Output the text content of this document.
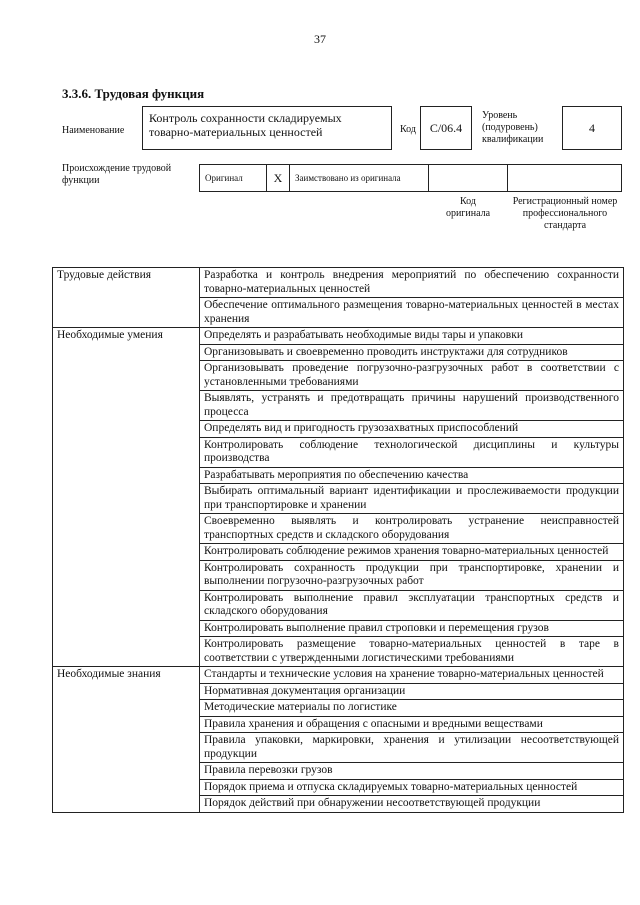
37
3.3.6. Трудовая функция
Наименование
Контроль сохранности складируемых товарно-материальных ценностей	Код	C/06.4
Уровень (подуровень) квалификации
4
Происхождение трудовой функции	Оригинал	X	Заимствовано из оригинала
Код оригинала
Регистрационный номер профессионального стандарта
Трудовые действия	Разработка и контроль внедрения мероприятий по обеспечению сохранности товарно-материальных ценностей
	Обеспечение оптимального размещения товарно-материальных ценностей в местах хранения
Необходимые умения	Определять и разрабатывать необходимые виды тары и упаковки
	Организовывать и своевременно проводить инструктажи для сотрудников
	Организовывать проведение погрузочно-разгрузочных работ в соответствии с установленными требованиями
	Выявлять, устранять и предотвращать причины нарушений производственного процесса
	Определять вид и пригодность грузозахватных приспособлений
	Контролировать соблюдение технологической дисциплины и культуры производства
	Разрабатывать мероприятия по обеспечению качества
	Выбирать оптимальный вариант идентификации и прослеживаемости продукции при транспортировке и хранении
	Своевременно выявлять и контролировать устранение неисправностей транспортных средств и складского оборудования
	Контролировать соблюдение режимов хранения товарно-материальных ценностей
	Контролировать сохранность продукции при транспортировке, хранении и выполнении погрузочно-разгрузочных работ
	Контролировать выполнение правил эксплуатации транспортных средств и складского оборудования
	Контролировать выполнение правил строповки и перемещения грузов
	Контролировать размещение товарно-материальных ценностей в таре в соответствии с утвержденными логистическими требованиями
Необходимые знания	Стандарты и технические условия на хранение товарно-материальных ценностей
	Нормативная документация организации
	Методические материалы по логистике
	Правила хранения и обращения с опасными и вредными веществами
	Правила упаковки, маркировки, хранения и утилизации несоответствующей продукции
	Правила перевозки грузов
	Порядок приема и отпуска складируемых товарно-материальных ценностей
	Порядок действий при обнаружении несоответствующей продукции
